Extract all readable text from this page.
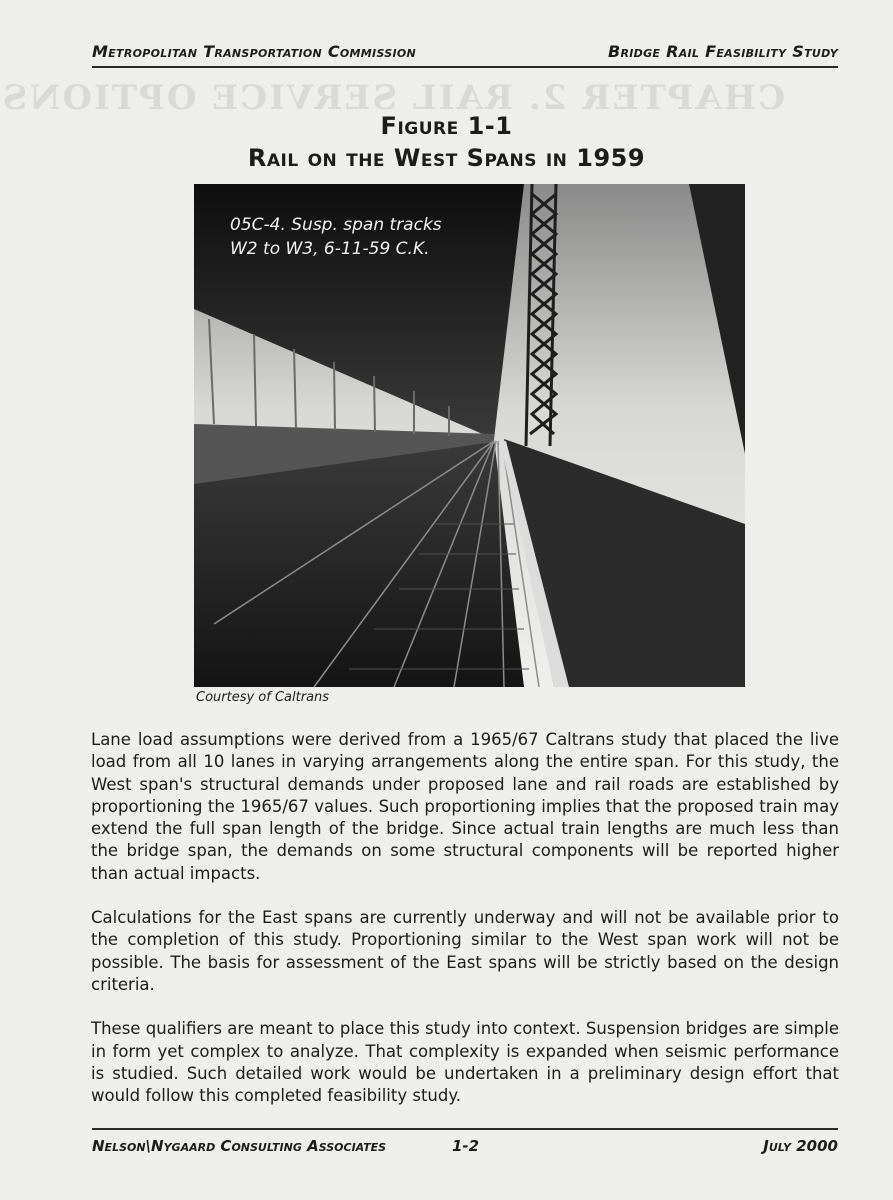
CHAPTER 2. RAIL SERVICE OPTIONS
Metropolitan Transportation Commission	Bridge Rail Feasibility Study
Figure 1-1
Rail on the West Spans in 1959
05C-4. Susp. span tracks
W2 to W3, 6-11-59 C.K.
Courtesy of Caltrans

Lane load assumptions were derived from a 1965/67 Caltrans study that placed the live load from all 10 lanes in varying arrangements along the entire span. For this study, the West span's structural demands under proposed lane and rail roads are established by proportioning the 1965/67 values. Such proportioning implies that the proposed train may extend the full span length of the bridge. Since actual train lengths are much less than the bridge span, the demands on some structural components will be reported higher than actual impacts.

Calculations for the East spans are currently underway and will not be available prior to the completion of this study. Proportioning similar to the West span work will not be possible. The basis for assessment of the East spans will be strictly based on the design criteria.

These qualifiers are meant to place this study into context. Suspension bridges are simple in form yet complex to analyze. That complexity is expanded when seismic performance is studied. Such detailed work would be undertaken in a preliminary design effort that would follow this completed feasibility study.

Nelson\Nygaard Consulting Associates	1-2	July 2000
